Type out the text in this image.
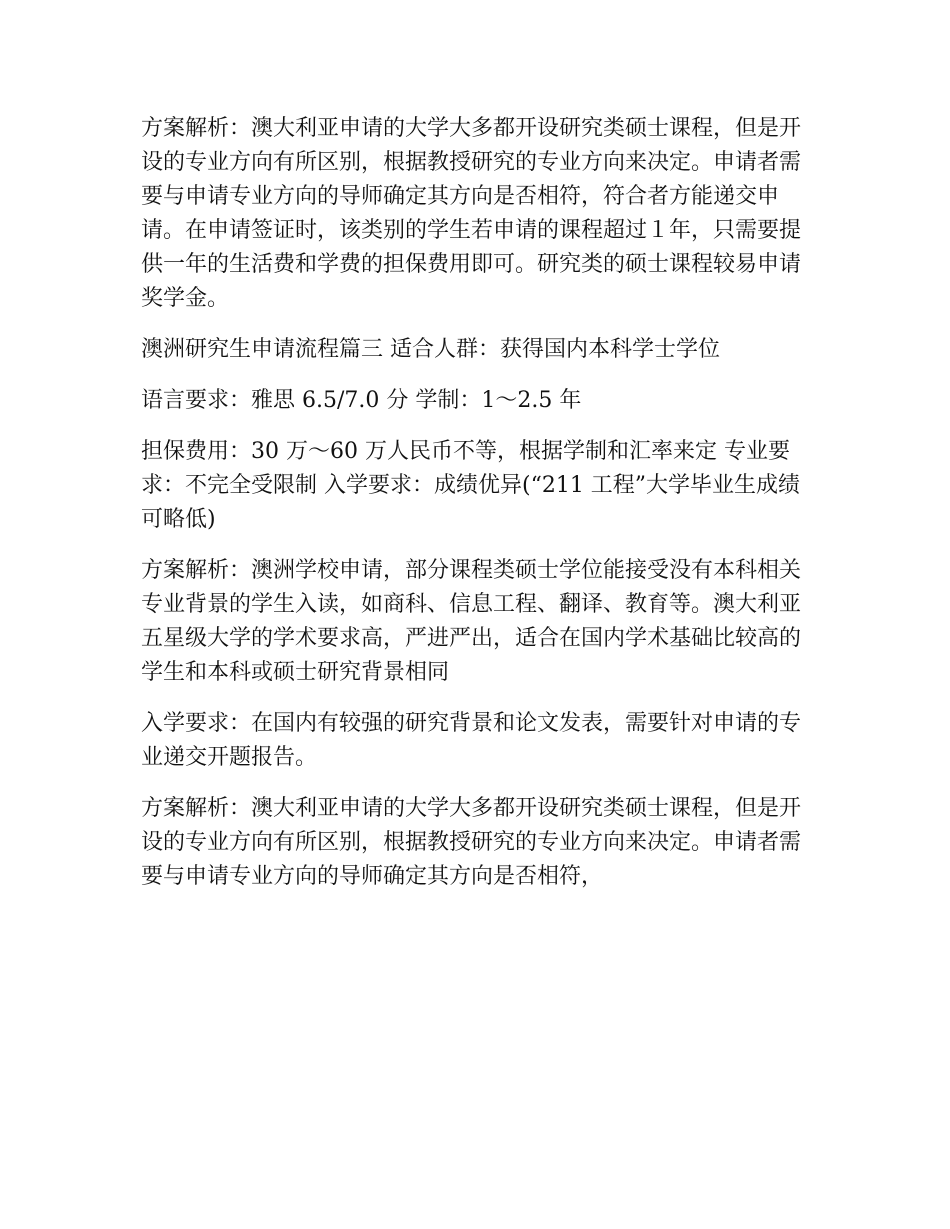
方案解析：澳大利亚申请的大学大多都开设研究类硕士课程，但是开设的专业方向有所区别，根据教授研究的专业方向来决定。申请者需要与申请专业方向的导师确定其方向是否相符，符合者方能递交申请。在申请签证时，该类别的学生若申请的课程超过１年，只需要提供一年的生活费和学费的担保费用即可。研究类的硕士课程较易申请奖学金。

澳洲研究生申请流程篇三 适合人群：获得国内本科学士学位

语言要求：雅思 6.5/7.0 分 学制：1～2.5 年

担保费用：30 万～60 万人民币不等，根据学制和汇率来定 专业要求：不完全受限制 入学要求：成绩优异(“211 工程”大学毕业生成绩可略低)

方案解析：澳洲学校申请，部分课程类硕士学位能接受没有本科相关专业背景的学生入读，如商科、信息工程、翻译、教育等。澳大利亚五星级大学的学术要求高，严进严出，适合在国内学术基础比较高的学生和本科或硕士研究背景相同

入学要求：在国内有较强的研究背景和论文发表，需要针对申请的专业递交开题报告。

方案解析：澳大利亚申请的大学大多都开设研究类硕士课程，但是开设的专业方向有所区别，根据教授研究的专业方向来决定。申请者需要与申请专业方向的导师确定其方向是否相符，
